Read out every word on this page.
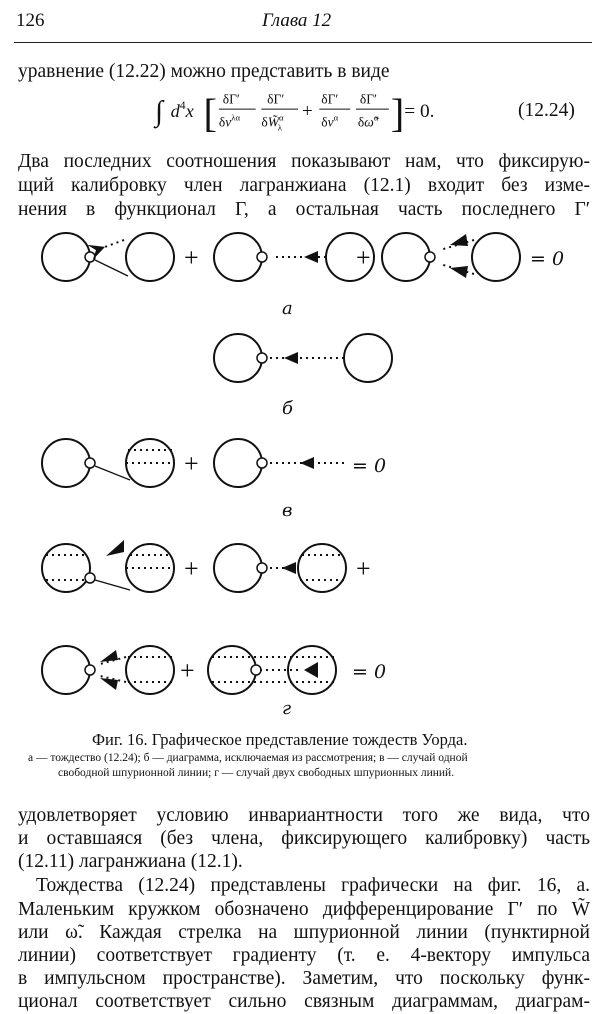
126	Глава 12
уравнение (12.22) можно представить в виде
∫ $d^4x$ [ δΓ′
$\delta v^{\lambda\alpha}$
δΓ′
δW̃$^\alpha$ λ
+
δΓ′
$\delta v^\alpha$
δΓ′
δω̃$^\alpha$ ] = 0.	(12.24)
Два последних соотношения показывают нам, что фиксирую-
щий калибровку член лагранжиана (12.1) входит без изме-
нения в функционал Γ, а остальная часть последнего Γ′
+	+
+
+	+
+
= 0
= 0
= 0
а
б
в
г
Фиг. 16. Графическое представление тождеств Уорда.
а — тождество (12.24); б — диаграмма, исключаемая из рассмотрения; в — случай одной
свободной шпурионной линии; г — случай двух свободных шпурионных линий.
удовлетворяет условию инвариантности того же вида, что
и оставшаяся (без члена, фиксирующего калибровку) часть
(12.11) лагранжиана (12.1).
Тождества (12.24) представлены графически на фиг. 16, а.
Маленьким кружком обозначено дифференцирование Γ′ по W̃
или ω̃. Каждая стрелка на шпурионной линии (пунктирной
линии) соответствует градиенту (т. е. 4-вектору импульса
в импульсном пространстве). Заметим, что поскольку функ-
ционал соответствует сильно связным диаграммам, диаграм-
